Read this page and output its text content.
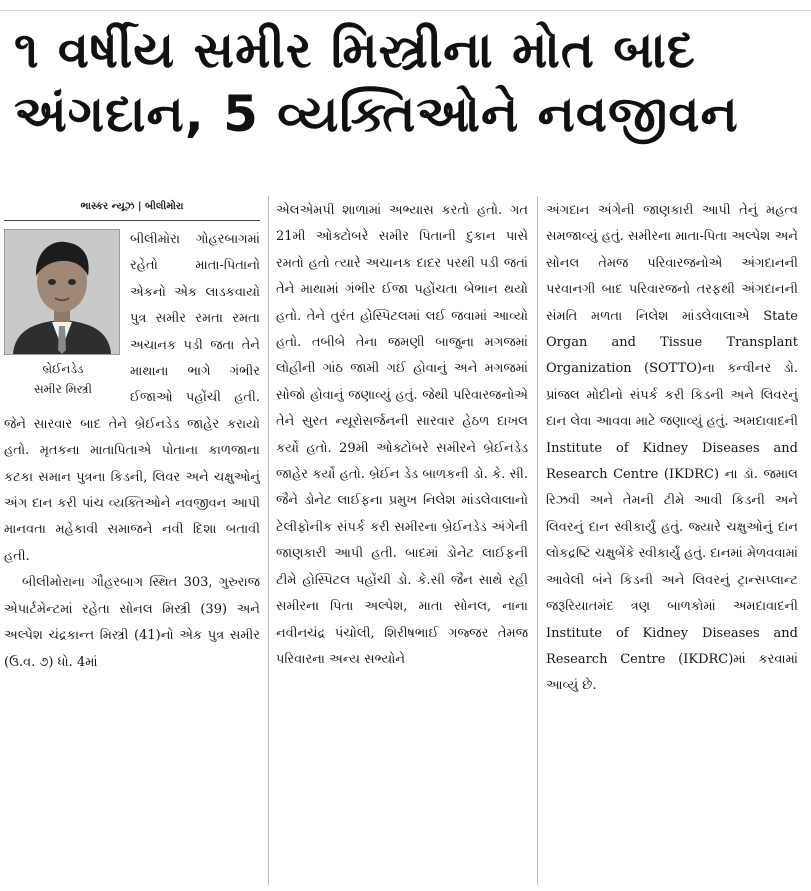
૧ વર્ષીય સમીર મિસ્ત્રીના મોત બાદ
અંગદાન, 5 વ્યક્તિઓને નવજીવન
ભાસ્કર ન્યૂઝ | બીલીમોરા

બ્રેઈનડેડ
સમીર મિસ્ત્રી
બીલીમોરા ગોહરબાગમાં રહેતો માતા-પિતાનો એકનો એક લાડકવાયો પુત્ર સમીર રમતા રમતા અચાનક પડી જતા તેને માથાના ભાગે ગંભીર ઈજાઓ પહોંચી હતી. જેને સારવાર બાદ તેને બ્રેઈનડેડ જાહેર કરાયો હતો. મૃતકના માતાપિતાએ પોતાના કાળજાના કટકા સમાન પુત્રના કિડની, લિવર અને ચક્ષુઓનું અંગ દાન કરી પાંચ વ્યક્તિઓને નવજીવન આપી માનવતા મહેકાવી સમાજને નવી દિશા બતાવી હતી.

બીલીમોરાના ગૌહરબાગ સ્થિત 303, ગુરુરાજ એપાર્ટમેન્ટમાં રહેતા સોનલ મિસ્ત્રી (39) અને અલ્પેશ ચંદ્રકાન્ત મિસ્ત્રી (41)નો એક પુત્ર સમીર (ઉ.વ. ૭) ધો. 4માં

એલએમપી શાળામાં અભ્યાસ કરતો હતો. ગત 21મી ઓક્ટોબરે સમીર પિતાની દુકાન પાસે રમતો હતો ત્યારે અચાનક દાદર પરથી પડી જતાં તેને માથામાં ગંભીર ઈજા પહોંચતા બેભાન થયો હતો. તેને તુરંત હોસ્પિટલમાં લઈ જવામાં આવ્યો હતો. તબીબે તેના જમણી બાજુના મગજમાં લોહીની ગાંઠ જામી ગઈ હોવાનું અને મગજમાં સોજો હોવાનું જણાવ્યું હતું. જેથી પરિવારજનોએ તેને સુરત ન્યૂરોસર્જનની સારવાર હેઠળ દાખલ કર્યો હતો. 29મી ઓક્ટોબરે સમીરને બ્રેઈનડેડ જાહેર કર્યો હતો. બ્રેઈન ડેડ બાળકની ડો. કે. સી. જૈને ડોનેટ લાઈફના પ્રમુખ નિલેશ માંડલેવાલાનો ટેલીફોનીક સંપર્ક કરી સમીરના બ્રેઈનડેડ અંગેની જાણકારી આપી હતી. બાદમાં ડોનેટ લાઈફની ટીમે હોસ્પિટલ પહોંચી ડો. કે.સી જૈન સાથે રહી સમીરના પિતા અલ્પેશ, માતા સોનલ, નાના નવીનચંદ્ર પંચોલી, શિરીષભાઈ ગજ્જર તેમજ પરિવારના અન્ય સભ્યોને

અંગદાન અંગેની જાણકારી આપી તેનું મહત્વ સમજાવ્યું હતું. સમીરના માતા-પિતા અલ્પેશ અને સોનલ તેમજ પરિવારજનોએ અંગદાનની પરવાનગી બાદ પરિવારજનો તરફથી અંગદાનની સંમતિ મળતા નિલેશ માંડલેવાલાએ State Organ and Tissue Transplant Organization (SOTTO)ના કન્વીનર ડો. પ્રાંજલ મોદીનો સંપર્ક કરી કિડની અને લિવરનું દાન લેવા આવવા માટે જણાવ્યું હતું. અમદાવાદની Institute of Kidney Diseases and Research Centre (IKDRC) ના ડૉ. જમાલ રિઝવી અને તેમની ટીમે આવી કિડની અને લિવરનું દાન સ્વીકાર્યું હતું. જ્યારે ચક્ષુઓનું દાન લોકદ્રષ્ટિ ચક્ષુબેંકે સ્વીકાર્યું હતું. દાનમાં મેળવવામાં આવેલી બંને કિડની અને લિવરનું ટ્રાન્સપ્લાન્ટ જરૂરિયાતમંદ ત્રણ બાળકોમાં અમદાવાદની Institute of Kidney Diseases and Research Centre (IKDRC)માં કરવામાં આવ્યું છે.
